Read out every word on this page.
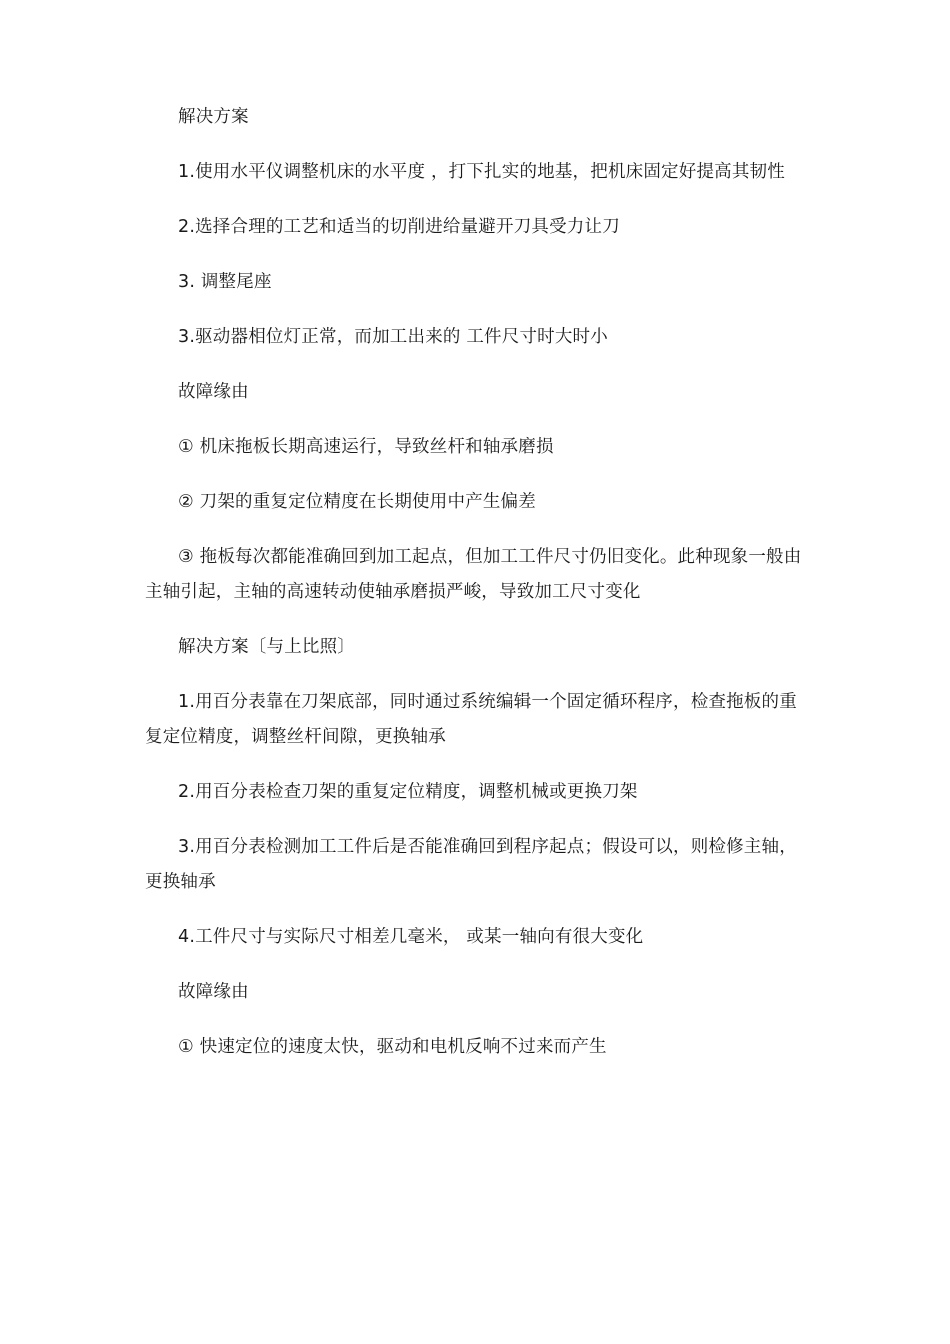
解决方案

1.使用水平仪调整机床的水平度 ，打下扎实的地基，把机床固定好提高其韧性

2.选择合理的工艺和适当的切削进给量避开刀具受力让刀

3. 调整尾座

3.驱动器相位灯正常，而加工出来的 工件尺寸时大时小

故障缘由

① 机床拖板长期高速运行，导致丝杆和轴承磨损

② 刀架的重复定位精度在长期使用中产生偏差

③ 拖板每次都能准确回到加工起点，但加工工件尺寸仍旧变化。此种现象一般由主轴引起，主轴的高速转动使轴承磨损严峻，导致加工尺寸变化

解决方案〔与上比照〕

1.用百分表靠在刀架底部，同时通过系统编辑一个固定循环程序，检查拖板的重复定位精度，调整丝杆间隙，更换轴承

2.用百分表检查刀架的重复定位精度，调整机械或更换刀架

3.用百分表检测加工工件后是否能准确回到程序起点；假设可以，则检修主轴， 更换轴承

4.工件尺寸与实际尺寸相差几毫米， 或某一轴向有很大变化

故障缘由

① 快速定位的速度太快，驱动和电机反响不过来而产生
